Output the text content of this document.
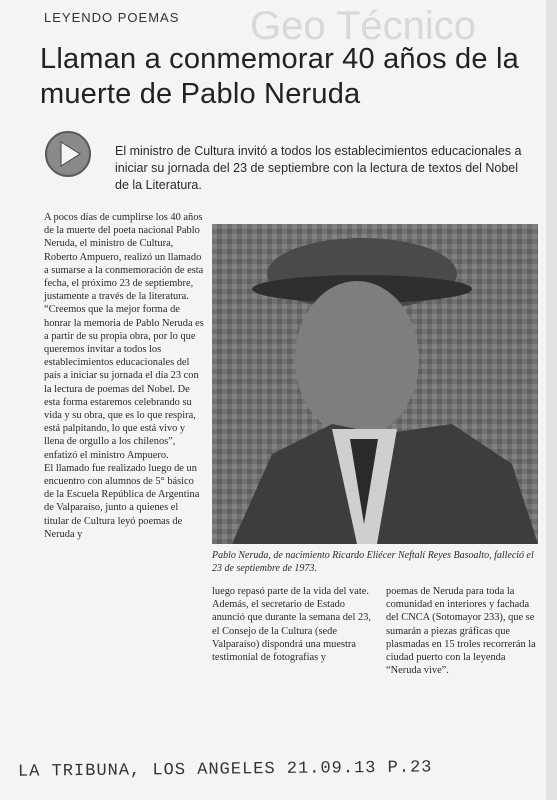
Geo Técnico
LEYENDO POEMAS
Llaman a conmemorar 40 años de la muerte de Pablo Neruda
El ministro de Cultura invitó a todos los establecimientos educacionales a iniciar su jornada del 23 de septiembre con la lectura de textos del Nobel de la Literatura.

A pocos días de cumplirse los 40 años de la muerte del poeta nacional Pablo Neruda, el ministro de Cultura, Roberto Ampuero, realizó un llamado a sumarse a la conmemoración de esta fecha, el próximo 23 de septiembre, justamente a través de la literatura.

“Creemos que la mejor forma de honrar la memoria de Pablo Neruda es a partir de su propia obra, por lo que queremos invitar a todos los establecimientos educacionales del país a iniciar su jornada el día 23 con la lectura de poemas del Nobel. De esta forma estaremos celebrando su vida y su obra, que es lo que respira, está palpitando, lo que está vivo y llena de orgullo a los chilenos”, enfatizó el ministro Ampuero.

El llamado fue realizado luego de un encuentro con alumnos de 5° básico de la Escuela República de Argentina de Valparaíso, junto a quienes el titular de Cultura leyó poemas de Neruda y

Pablo Neruda, de nacimiento Ricardo Eliécer Neftalí Reyes Basoalto, falleció el 23 de septiembre de 1973.

luego repasó parte de la vida del vate.

Además, el secretario de Estado anunció que durante la semana del 23, el Consejo de la Cultura (sede Valparaíso) dispondrá una muestra testimonial de fotografías y

poemas de Neruda para toda la comunidad en interiores y fachada del CNCA (Sotomayor 233), que se sumarán a piezas gráficas que plasmadas en 15 troles recorrerán la ciudad puerto con la leyenda “Neruda vive”.

LA TRIBUNA, LOS ANGELES 21.09.13 P.23
